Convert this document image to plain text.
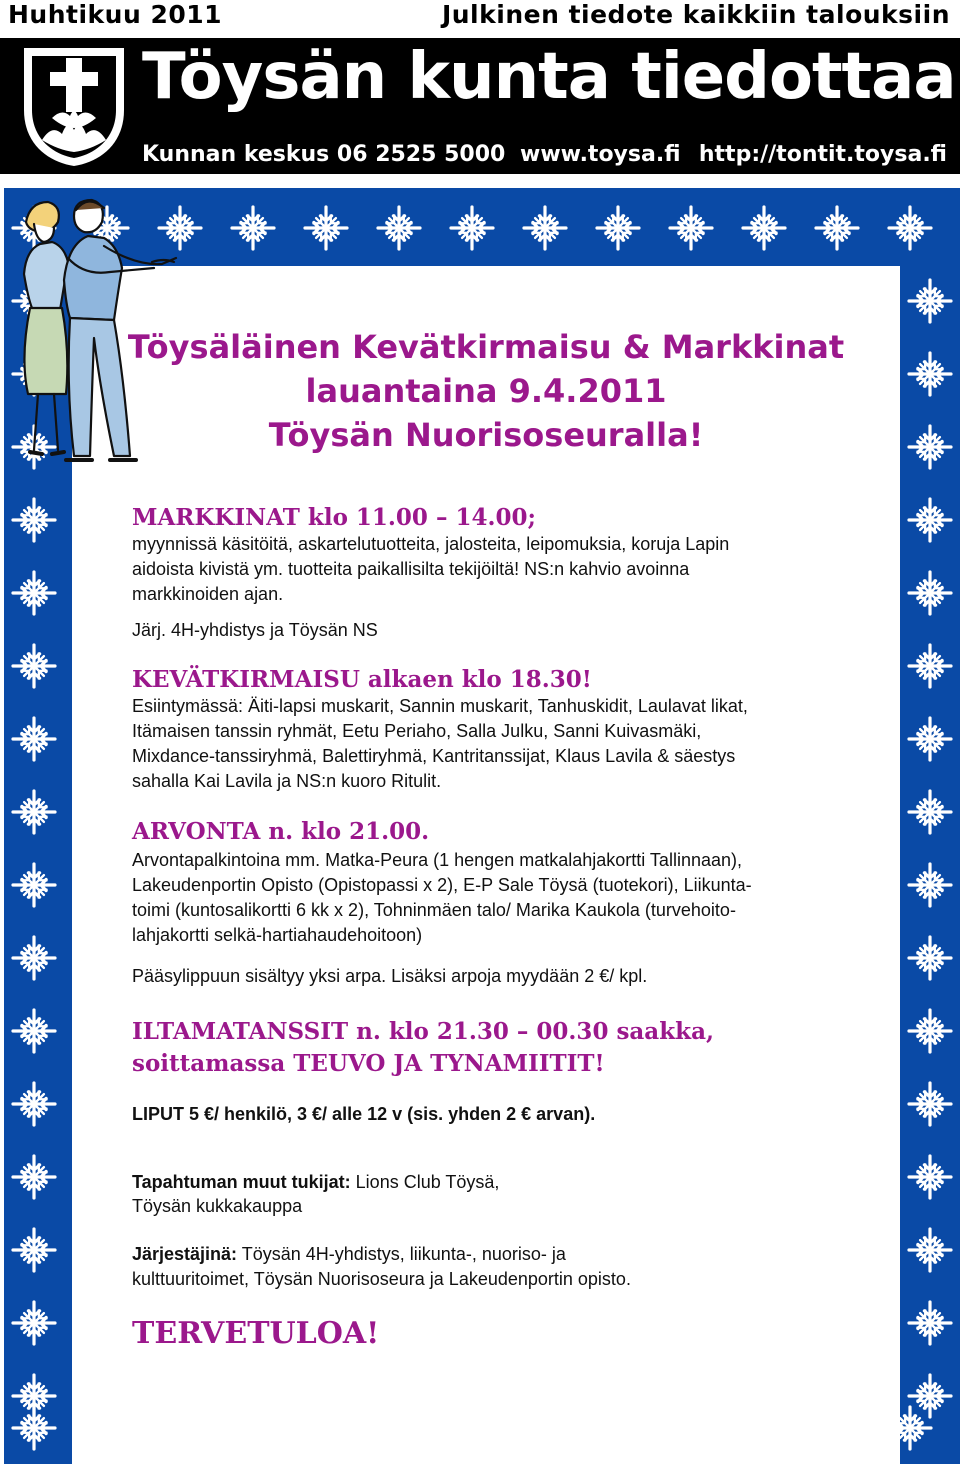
Huhtikuu 2011	Julkinen tiedote kaikkiin talouksiin
Töysän kunta tiedottaa
Kunnan keskus 06 2525 5000 www.toysa.fi http://tontit.toysa.fi
Töysäläinen Kevätkirmaisu & Markkinat
lauantaina 9.4.2011
Töysän Nuorisoseuralla!
MARKKINAT klo 11.00 – 14.00;
myynnissä käsitöitä, askartelutuotteita, jalosteita, leipomuksia, koruja Lapin
aidoista kivistä ym. tuotteita paikallisilta tekijöiltä! NS:n kahvio avoinna
markkinoiden ajan.
Järj. 4H-yhdistys ja Töysän NS
KEVÄTKIRMAISU alkaen klo 18.30!
Esiintymässä: Äiti-lapsi muskarit, Sannin muskarit, Tanhuskidit, Laulavat likat,
Itämaisen tanssin ryhmät, Eetu Periaho, Salla Julku, Sanni Kuivasmäki,
Mixdance-tanssiryhmä, Balettiryhmä, Kantritanssijat, Klaus Lavila & säestys
sahalla Kai Lavila ja NS:n kuoro Ritulit.
ARVONTA n. klo 21.00.
Arvontapalkintoina mm. Matka-Peura (1 hengen matkalahjakortti Tallinnaan),
Lakeudenportin Opisto (Opistopassi x 2), E-P Sale Töysä (tuotekori), Liikunta-
toimi (kuntosalikortti 6 kk x 2), Tohninmäen talo/ Marika Kaukola (turvehoito-
lahjakortti selkä-hartiahaudehoitoon)
Pääsylippuun sisältyy yksi arpa. Lisäksi arpoja myydään 2 €/ kpl.
ILTAMATANSSIT n. klo 21.30 – 00.30 saakka,
soittamassa TEUVO JA TYNAMIITIT!
LIPUT 5 €/ henkilö, 3 €/ alle 12 v (sis. yhden 2 € arvan).
Tapahtuman muut tukijat: Lions Club Töysä,
Töysän kukkakauppa
Järjestäjinä: Töysän 4H-yhdistys, liikunta-, nuoriso- ja
kulttuuritoimet, Töysän Nuorisoseura ja Lakeudenportin opisto.
TERVETULOA!
